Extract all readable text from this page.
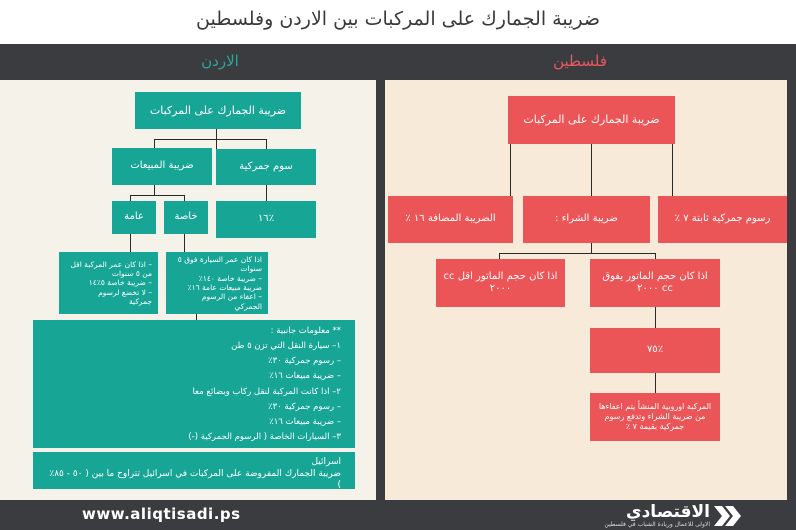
ضريبة الجمارك على المركبات بين الاردن وفلسطين
الاردن	فلسطين
ضريبة الجمارك على المركبات
ضريبة المبيعات	سوم جمركية
عامة	خاصة	٪١٦
– اذا كان عمر المركبة اقل
من ٥ سنوات
– ضريبة خاصة ٥٪١٤
– لا تخضع لرسوم
جمركية
اذا كان عمر السيارة فوق ٥
سنوات
– ضريبة خاصة ١٤٠٪
ضريبة مبيعات عامة ١٦٪
– اعفاء من الرسوم
الجمركي
** معلومات جانبية :
١– سيارة النقل التي تزن ٥ طن
– رسوم جمركية ٣٠٪
– ضريبة مبيعات ١٦٪
٢– اذا كانت المركبة لنقل ركاب وبضائع معا
– رسوم جمركية ٣٠٪
– ضريبة مبيعات ١٦٪
٣– السيارات الخاصة ( الرسوم الجمركية (-)
اسرائيل
ضريبة الجمارك المفروضة على المركبات في اسرائيل تتراوح ما بين ( ٥٠ - ٨٥٪ )
ضريبة الجمارك على المركبات
الضريبة المضافة ١٦ ٪	ضريبة الشراء :	رسوم جمركية ثابتة ٧ ٪
اذا كان حجم الماتور اقل cc ٢٠٠٠
اذا كان حجم الماتور يفوق cc ٢٠٠٠
٪٧٥
المركبة اوروبية المنشأ يتم اعفاءها من ضريبة الشراء وتدفع رسوم جمركية بقيمة ٧ ٪
www.aliqtisadi.ps	الاقتصادي
الاولى للاعمال وريادة الشباب في فلسطين
